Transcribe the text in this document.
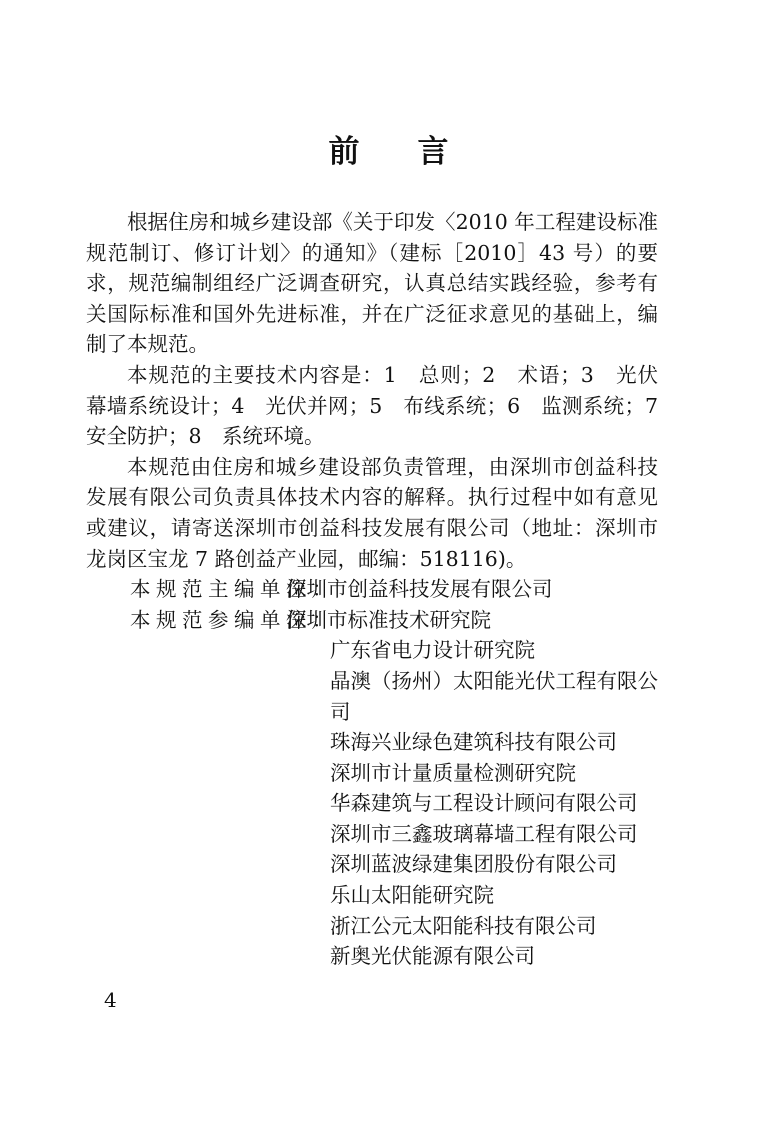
前言

根据住房和城乡建设部《关于印发〈2010 年工程建设标准规范制订、修订计划〉的通知》（建标［2010］43 号）的要求，规范编制组经广泛调查研究，认真总结实践经验，参考有关国际标准和国外先进标准，并在广泛征求意见的基础上，编制了本规范。

本规范的主要技术内容是：1　总则；2　术语；3　光伏幕墙系统设计；4　光伏并网；5　布线系统；6　监测系统；7　安全防护；8　系统环境。

本规范由住房和城乡建设部负责管理，由深圳市创益科技发展有限公司负责具体技术内容的解释。执行过程中如有意见或建议，请寄送深圳市创益科技发展有限公司（地址：深圳市龙岗区宝龙 7 路创益产业园，邮编：518116)。

本规范主编单位：
深圳市创益科技发展有限公司
本规范参编单位：
深圳市标准技术研究院
广东省电力设计研究院
晶澳（扬州）太阳能光伏工程有限公司
珠海兴业绿色建筑科技有限公司
深圳市计量质量检测研究院
华森建筑与工程设计顾问有限公司
深圳市三鑫玻璃幕墙工程有限公司
深圳蓝波绿建集团股份有限公司
乐山太阳能研究院
浙江公元太阳能科技有限公司
新奥光伏能源有限公司
4
